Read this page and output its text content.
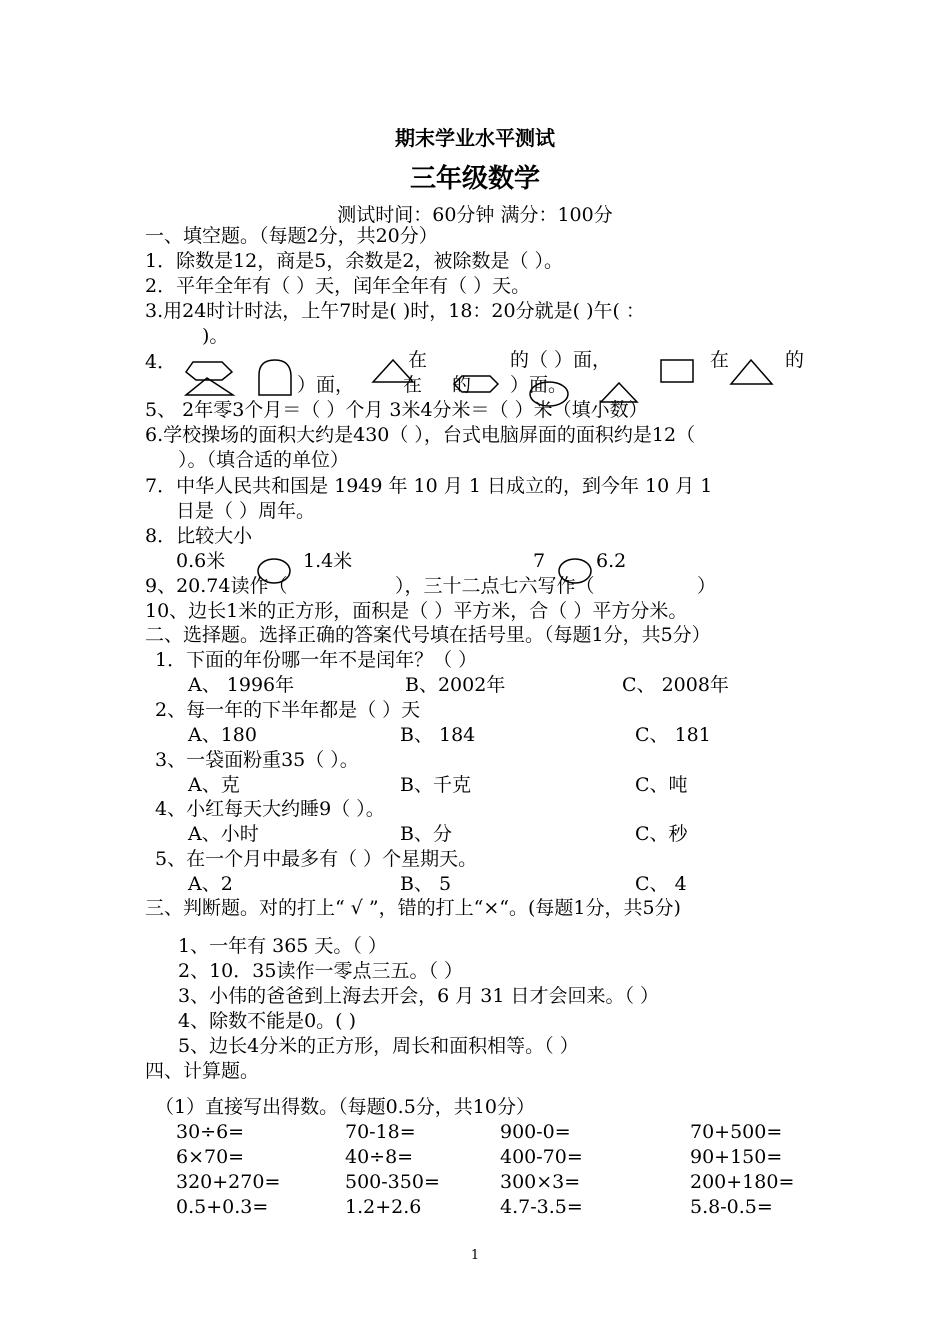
期末学业水平测试
三年级数学
测试时间：60分钟 满分：100分
一、填空题。（每题2分，共20分）
1．除数是12，商是5，余数是2，被除数是（ ）。
2．平年全年有（ ）天，闰年全年有（ ）天。
3.用24时计时法，上午7时是( )时，18：20分就是( )午( ：
)。
4．	在	的（ ）面，	在	的
）面，	在 的 ）面。
5、 2年零3个月＝（ ）个月 3米4分米＝（ ）米（填小数）
6.学校操场的面积大约是430（ ），台式电脑屏面的面积约是12（
）。（填合适的单位）
7．中华人民共和国是 1949 年 10 月 1 日成立的，到今年 10 月 1
日是（ ）周年。
8．比较大小
0.6米	1.4米	7	6.2
9、20.74读作（	），三十二点七六写作（	）
10、边长1米的正方形，面积是（ ）平方米，合（ ）平方分米。
二、选择题。选择正确的答案代号填在括号里。（每题1分，共5分）
1．下面的年份哪一年不是闰年？（ ）
A、 1996年	B、2002年	C、 2008年
2、每一年的下半年都是（ ）天
A、180	B、 184	C、 181
3、一袋面粉重35（ ）。
A、克	B、千克	C、吨
4、小红每天大约睡9（ ）。
A、小时	B、分	C、秒
5、在一个月中最多有（ ）个星期天。
A、2	B、 5	C、 4
三、判断题。对的打上“ √ ”，错的打上“×“。(每题1分，共5分)
1、一年有 365 天。（ ）
2、10．35读作一零点三五。（ ）
3、小伟的爸爸到上海去开会，6 月 31 日才会回来。（ ）
4、除数不能是0。( )
5、边长4分米的正方形，周长和面积相等。（ ）
四、计算题。
（1）直接写出得数。（每题0.5分，共10分）
30÷6=	70-18=	900-0=	70+500=
6×70=	40÷8=	400-70=	90+150=
320+270=	500-350=	300×3=	200+180=
0.5+0.3=	1.2+2.6	4.7-3.5=	5.8-0.5=
1
